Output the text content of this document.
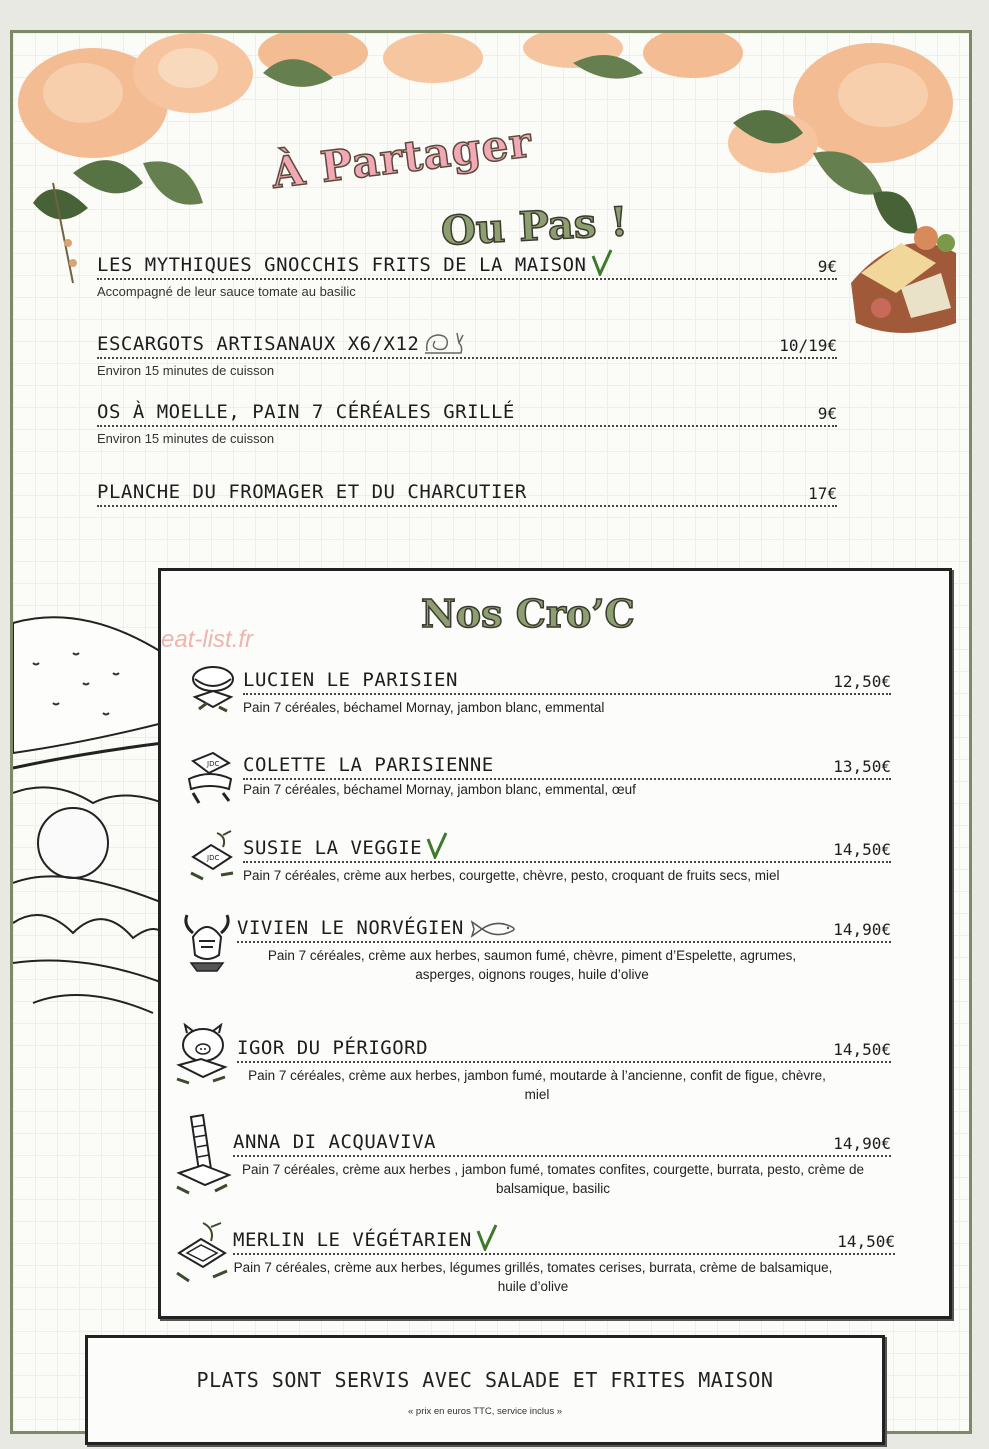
À Partager
Ou Pas !
LES MYTHIQUES GNOCCHIS FRITS DE LA MAISON	9€
Accompagné de leur sauce tomate au basilic
ESCARGOTS ARTISANAUX X6/X12	10/19€
Environ 15 minutes de cuisson
OS À MOELLE, PAIN 7 CÉRÉALES GRILLÉ	9€
Environ 15 minutes de cuisson
PLANCHE DU FROMAGER ET DU CHARCUTIER	17€
Nos Cro’C
eat-list.fr
LUCIEN LE PARISIEN	12,50€
Pain 7 céréales, béchamel Mornay, jambon blanc, emmental
JDC COLETTE LA PARISIENNE	13,50€
Pain 7 céréales, béchamel Mornay, jambon blanc, emmental, œuf
JDC SUSIE LA VEGGIE	14,50€
Pain 7 céréales, crème aux herbes, courgette, chèvre, pesto, croquant de fruits secs, miel
VIVIEN LE NORVÉGIEN	14,90€
Pain 7 céréales, crème aux herbes, saumon fumé, chèvre, piment d’Espelette, agrumes, asperges, oignons rouges, huile d’olive
IGOR DU PÉRIGORD	14,50€
Pain 7 céréales, crème aux herbes, jambon fumé, moutarde à l’ancienne, confit de figue, chèvre, miel
ANNA DI ACQUAVIVA	14,90€
Pain 7 céréales, crème aux herbes , jambon fumé, tomates confites, courgette, burrata, pesto, crème de balsamique, basilic
MERLIN LE VÉGÉTARIEN	14,50€
Pain 7 céréales, crème aux herbes, légumes grillés, tomates cerises, burrata, crème de balsamique, huile d’olive
PLATS SONT SERVIS AVEC SALADE ET FRITES MAISON
« prix en euros TTC, service inclus »
